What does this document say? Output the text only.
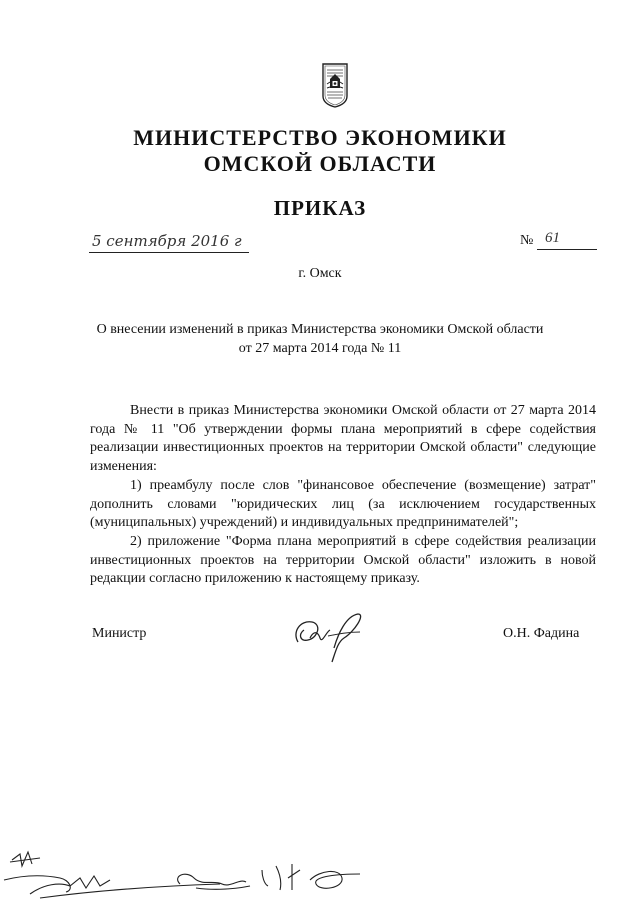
МИНИСТЕРСТВО ЭКОНОМИКИ
ОМСКОЙ ОБЛАСТИ
ПРИКАЗ
5 сентября 2016 г	№ 61
г. Омск
О внесении изменений в приказ Министерства экономики Омской области
от 27 марта 2014 года № 11

Внести в приказ Министерства экономики Омской области от 27 марта 2014 года № 11 "Об утверждении формы плана мероприятий в сфере содействия реализации инвестиционных проектов на территории Омской области" следующие изменения:

1) преамбулу после слов "финансовое обеспечение (возмещение) затрат" дополнить словами "юридических лиц (за исключением государственных (муниципальных) учреждений) и индивидуальных предпринимателей";

2) приложение "Форма плана мероприятий в сфере содействия реализации инвестиционных проектов на территории Омской области" изложить в новой редакции согласно приложению к настоящему приказу.

Министр	О.Н. Фадина
